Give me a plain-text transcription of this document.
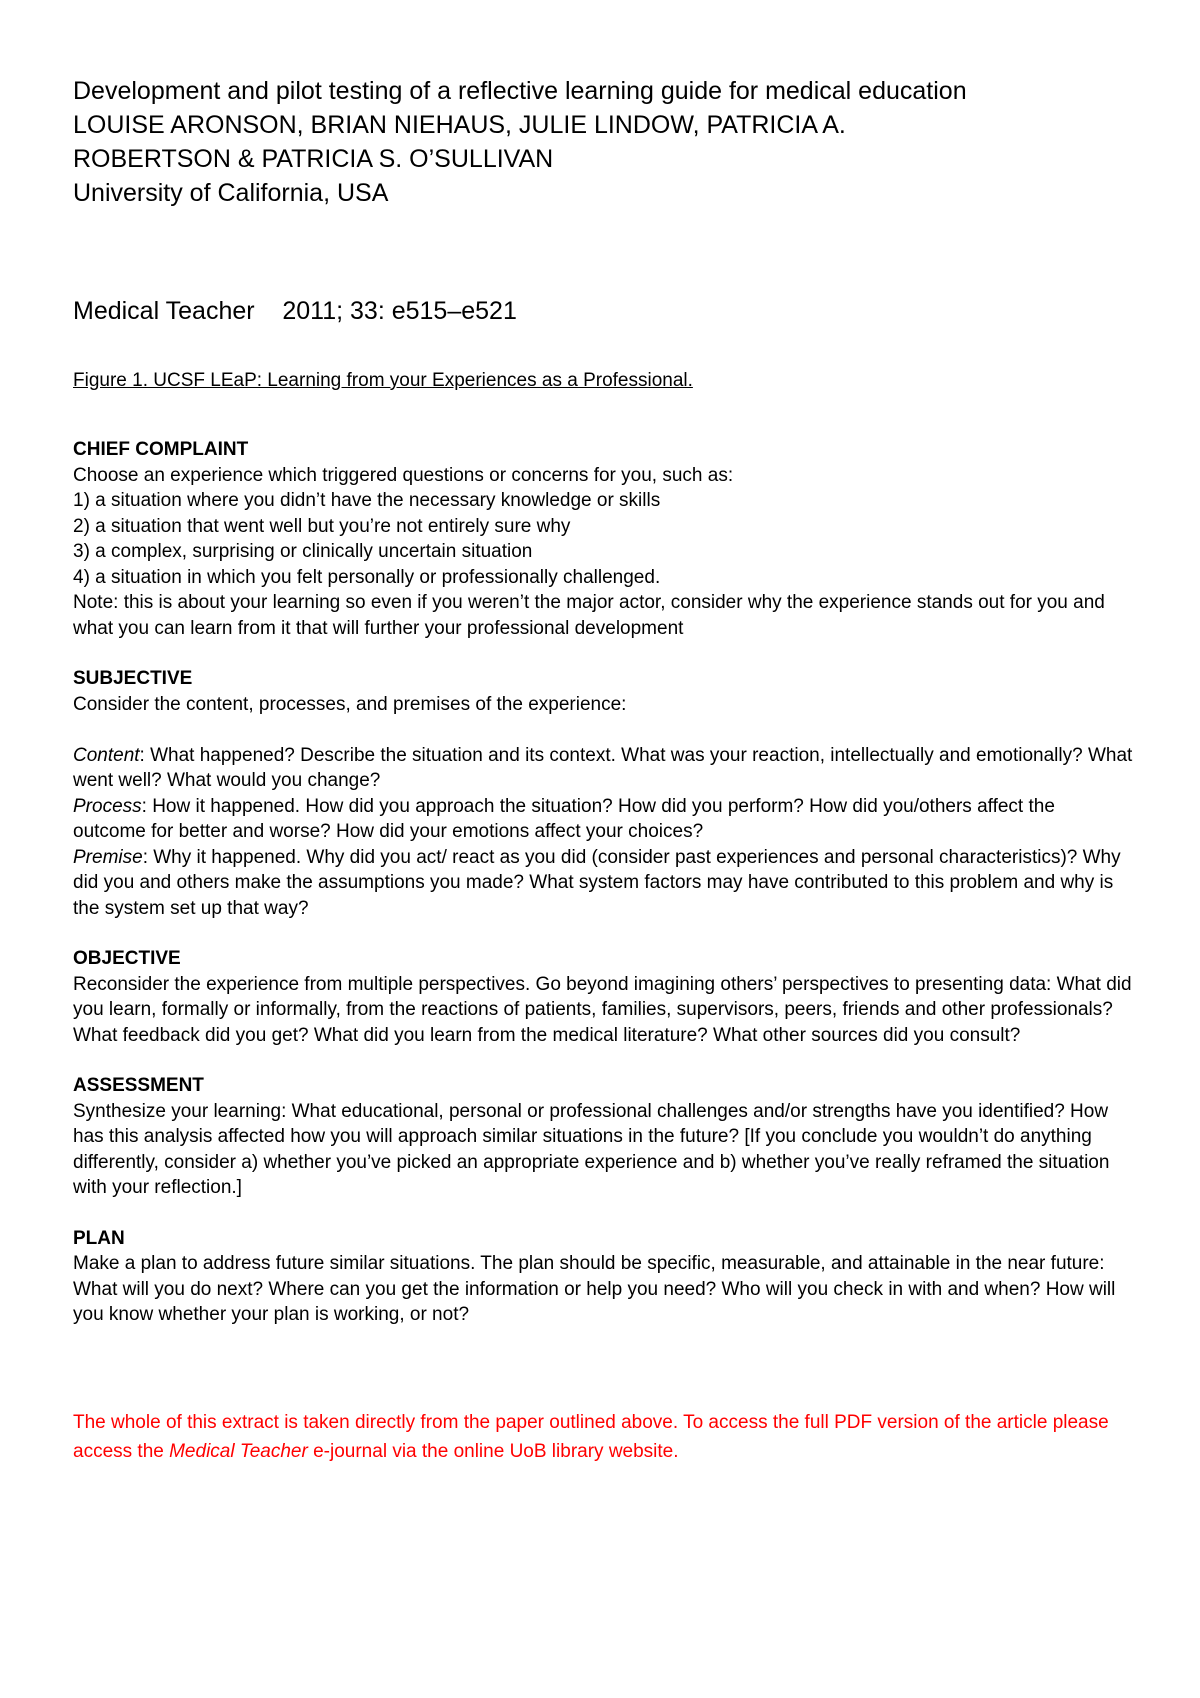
Development and pilot testing of a reflective learning guide for medical education
LOUISE ARONSON, BRIAN NIEHAUS, JULIE LINDOW, PATRICIA A.
ROBERTSON & PATRICIA S. O’SULLIVAN
University of California, USA
Medical Teacher    2011; 33: e515–e521
Figure 1. UCSF LEaP: Learning from your Experiences as a Professional.
CHIEF COMPLAINT
Choose an experience which triggered questions or concerns for you, such as:
1) a situation where you didn’t have the necessary knowledge or skills
2) a situation that went well but you’re not entirely sure why
3) a complex, surprising or clinically uncertain situation
4) a situation in which you felt personally or professionally challenged.
Note: this is about your learning so even if you weren’t the major actor, consider why the experience stands out for you and what you can learn from it that will further your professional development
SUBJECTIVE
Consider the content, processes, and premises of the experience:
Content: What happened? Describe the situation and its context. What was your reaction, intellectually and emotionally? What went well? What would you change?
Process: How it happened. How did you approach the situation? How did you perform? How did you/others affect the outcome for better and worse? How did your emotions affect your choices?
Premise: Why it happened. Why did you act/ react as you did (consider past experiences and personal characteristics)? Why did you and others make the assumptions you made? What system factors may have contributed to this problem and why is the system set up that way?
OBJECTIVE
Reconsider the experience from multiple perspectives. Go beyond imagining others’ perspectives to presenting data: What did you learn, formally or informally, from the reactions of patients, families, supervisors, peers, friends and other professionals? What feedback did you get? What did you learn from the medical literature? What other sources did you consult?
ASSESSMENT
Synthesize your learning: What educational, personal or professional challenges and/or strengths have you identified? How has this analysis affected how you will approach similar situations in the future? [If you conclude you wouldn’t do anything differently, consider a) whether you’ve picked an appropriate experience and b) whether you’ve really reframed the situation with your reflection.]
PLAN
Make a plan to address future similar situations. The plan should be specific, measurable, and attainable in the near future: What will you do next? Where can you get the information or help you need? Who will you check in with and when? How will you know whether your plan is working, or not?
The whole of this extract is taken directly from the paper outlined above. To access the full PDF version of the article please access the Medical Teacher e-journal via the online UoB library website.
